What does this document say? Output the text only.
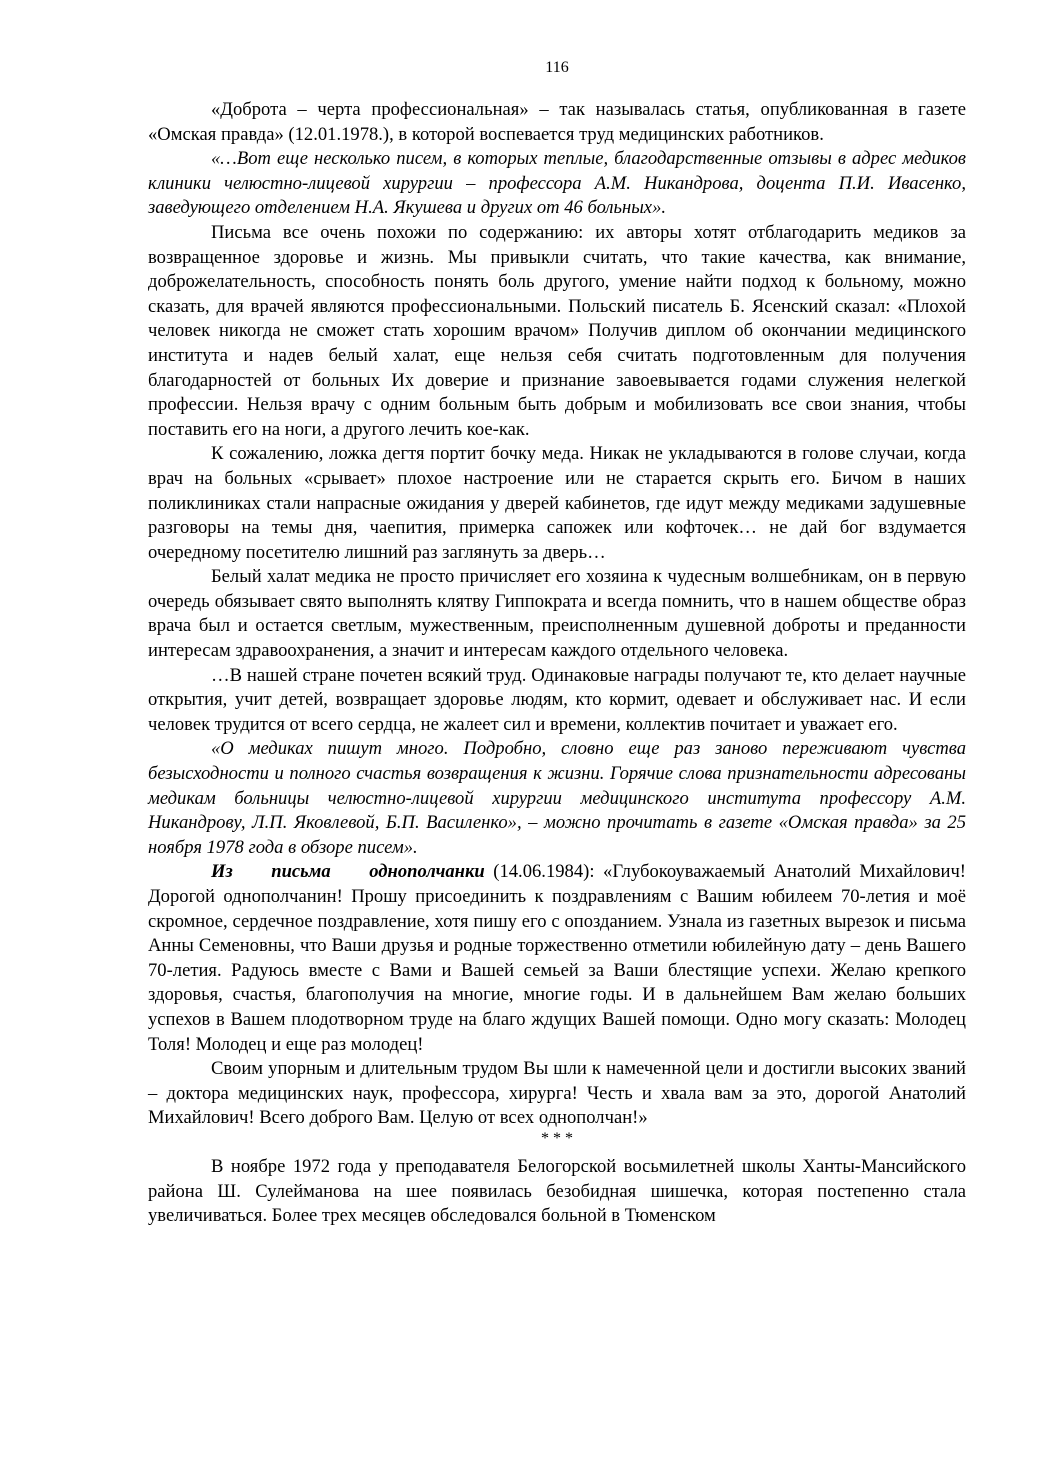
116

«Доброта – черта профессиональная» – так называлась статья, опубликованная в газете «Омская правда» (12.01.1978.), в которой воспевается труд медицинских работников.

«…Вот еще несколько писем, в которых теплые, благодарственные отзывы в адрес медиков клиники челюстно-лицевой хирургии – профессора А.М. Никандрова, доцента П.И. Ивасенко, заведующего отделением Н.А. Якушева и других от 46 больных».

Письма все очень похожи по содержанию: их авторы хотят отблагодарить медиков за возвращенное здоровье и жизнь. Мы привыкли считать, что такие качества, как внимание, доброжелательность, способность понять боль другого, умение найти подход к больному, можно сказать, для врачей являются профессиональными. Польский писатель Б. Ясенский сказал: «Плохой человек никогда не сможет стать хорошим врачом» Получив диплом об окончании медицинского института и надев белый халат, еще нельзя себя считать подготовленным для получения благодарностей от больных Их доверие и признание завоевывается годами служения нелегкой профессии. Нельзя врачу с одним больным быть добрым и мобилизовать все свои знания, чтобы поставить его на ноги, а другого лечить кое-как.

К сожалению, ложка дегтя портит бочку меда. Никак не укладываются в голове случаи, когда врач на больных «срывает» плохое настроение или не старается скрыть его. Бичом в наших поликлиниках стали напрасные ожидания у дверей кабинетов, где идут между медиками задушевные разговоры на темы дня, чаепития, примерка сапожек или кофточек… не дай бог вздумается очередному посетителю лишний раз заглянуть за дверь…

Белый халат медика не просто причисляет его хозяина к чудесным волшебникам, он в первую очередь обязывает свято выполнять клятву Гиппократа и всегда помнить, что в нашем обществе образ врача был и остается светлым, мужественным, преисполненным душевной доброты и преданности интересам здравоохранения, а значит и интересам каждого отдельного человека.

…В нашей стране почетен всякий труд. Одинаковые награды получают те, кто делает научные открытия, учит детей, возвращает здоровье людям, кто кормит, одевает и обслуживает нас. И если человек трудится от всего сердца, не жалеет сил и времени, коллектив почитает и уважает его.

«О медиках пишут много. Подробно, словно еще раз заново переживают чувства безысходности и полного счастья возвращения к жизни. Горячие слова признательности адресованы медикам больницы челюстно-лицевой хирургии медицинского института профессору А.М. Никандрову, Л.П. Яковлевой, Б.П. Василенко», – можно прочитать в газете «Омская правда» за 25 ноября 1978 года в обзоре писем».

Из письма однополчанки (14.06.1984): «Глубокоуважаемый Анатолий Михайлович! Дорогой однополчанин! Прошу присоединить к поздравлениям с Вашим юбилеем 70-летия и моё скромное, сердечное поздравление, хотя пишу его с опозданием. Узнала из газетных вырезок и письма Анны Семеновны, что Ваши друзья и родные торжественно отметили юбилейную дату – день Вашего 70-летия. Радуюсь вместе с Вами и Вашей семьей за Ваши блестящие успехи. Желаю крепкого здоровья, счастья, благополучия на многие, многие годы. И в дальнейшем Вам желаю больших успехов в Вашем плодотворном труде на благо ждущих Вашей помощи. Одно могу сказать: Молодец Толя! Молодец и еще раз молодец!

Своим упорным и длительным трудом Вы шли к намеченной цели и достигли высоких званий – доктора медицинских наук, профессора, хирурга! Честь и хвала вам за это, дорогой Анатолий Михайлович! Всего доброго Вам. Целую от всех однополчан!»

* * *

В ноябре 1972 года у преподавателя Белогорской восьмилетней школы Ханты-Мансийского района Ш. Сулейманова на шее появилась безобидная шишечка, которая постепенно стала увеличиваться. Более трех месяцев обследовался больной в Тюменском
